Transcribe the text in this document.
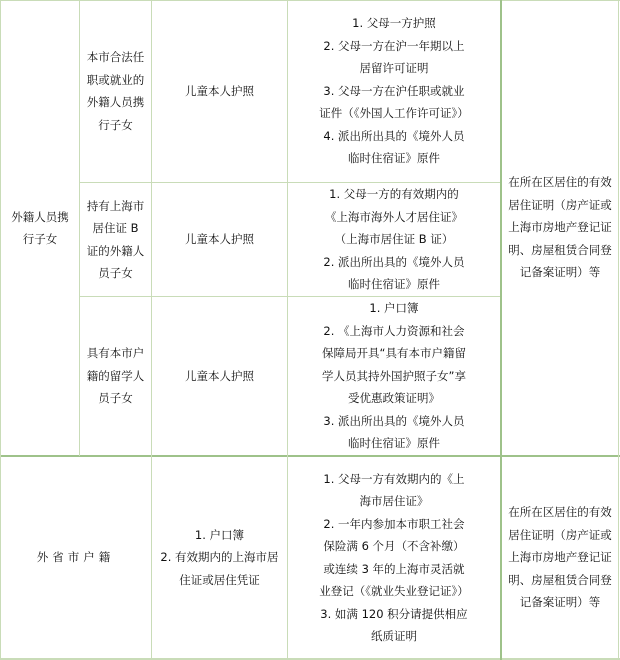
外籍人员携行子女
本市合法任职或就业的外籍人员携行子女
儿童本人护照
1. 父母一方护照
2. 父母一方在沪一年期以上居留许可证明
3. 父母一方在沪任职或就业证件（《外国人工作许可证》）
4. 派出所出具的《境外人员临时住宿证》原件
持有上海市居住证 B 证的外籍人员子女
儿童本人护照
1. 父母一方的有效期内的《上海市海外人才居住证》（上海市居住证 B 证）
2. 派出所出具的《境外人员临时住宿证》原件
具有本市户籍的留学人员子女
儿童本人护照
1. 户口簿
2. 《上海市人力资源和社会保障局开具“具有本市户籍留学人员其持外国护照子女”享受优惠政策证明》
3. 派出所出具的《境外人员临时住宿证》原件
在所在区居住的有效居住证明（房产证或上海市房地产登记证明、房屋租赁合同登记备案证明）等
外省市户籍
1. 户口簿
2. 有效期内的上海市居住证或居住凭证
1. 父母一方有效期内的《上海市居住证》
2. 一年内参加本市职工社会保险满 6 个月（不含补缴）或连续 3 年的上海市灵活就业登记（《就业失业登记证》）
3. 如满 120 积分请提供相应纸质证明
在所在区居住的有效居住证明（房产证或上海市房地产登记证明、房屋租赁合同登记备案证明）等
